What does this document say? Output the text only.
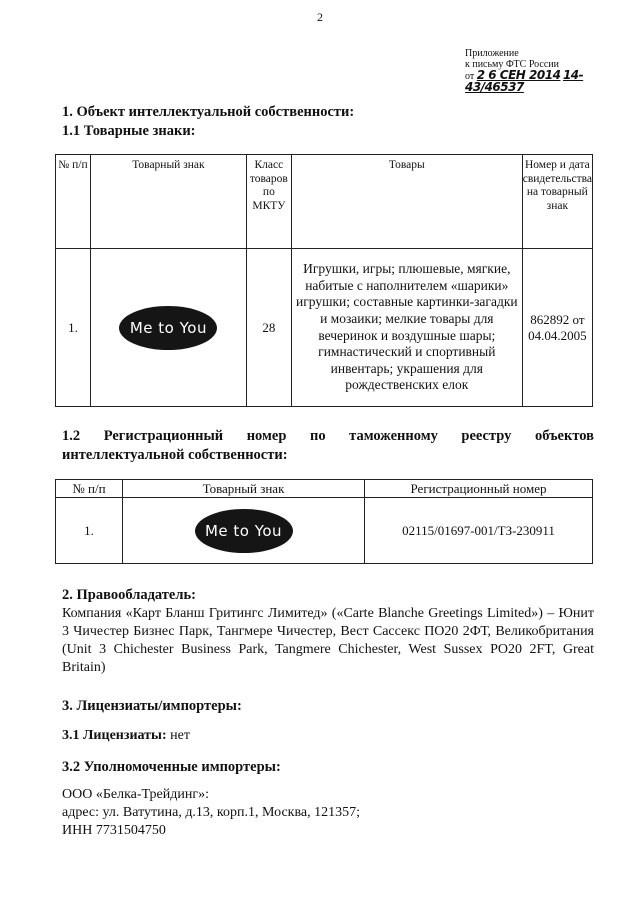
2
Приложение
к письму ФТС России
от 2 6 СЕН 2014 14-43/46537
1. Объект интеллектуальной собственности:
1.1 Товарные знаки:
№ п/п	Товарный знак	Класс товаров по МКТУ	Товары	Номер и дата свидетельства на товарный знак
1.	Me to You	28	Игрушки, игры; плюшевые, мягкие, набитые с наполнителем «шарики» игрушки; составные картинки-загадки и мозаики; мелкие товары для вечеринок и воздушные шары; гимнастический и спортивный инвентарь; украшения для рождественских елок	862892 от 04.04.2005
1.2 Регистрационный номер по таможенному реестру объектов интеллектуальной собственности:
№ п/п	Товарный знак	Регистрационный номер
1.	Me to You	02115/01697-001/ТЗ-230911
2. Правообладатель:
Компания «Карт Бланш Гритингс Лимитед» («Carte Blanche Greetings Limited») – Юнит 3 Чичестер Бизнес Парк, Тангмере Чичестер, Вест Сассекс ПО20 2ФТ, Великобритания (Unit 3 Chichester Business Park, Tangmere Chichester, West Sussex PO20 2FT, Great Britain)
3. Лицензиаты/импортеры:
3.1 Лицензиаты: нет
3.2 Уполномоченные импортеры:
ООО «Белка-Трейдинг»:
адрес: ул. Ватутина, д.13, корп.1, Москва, 121357;
ИНН 7731504750
